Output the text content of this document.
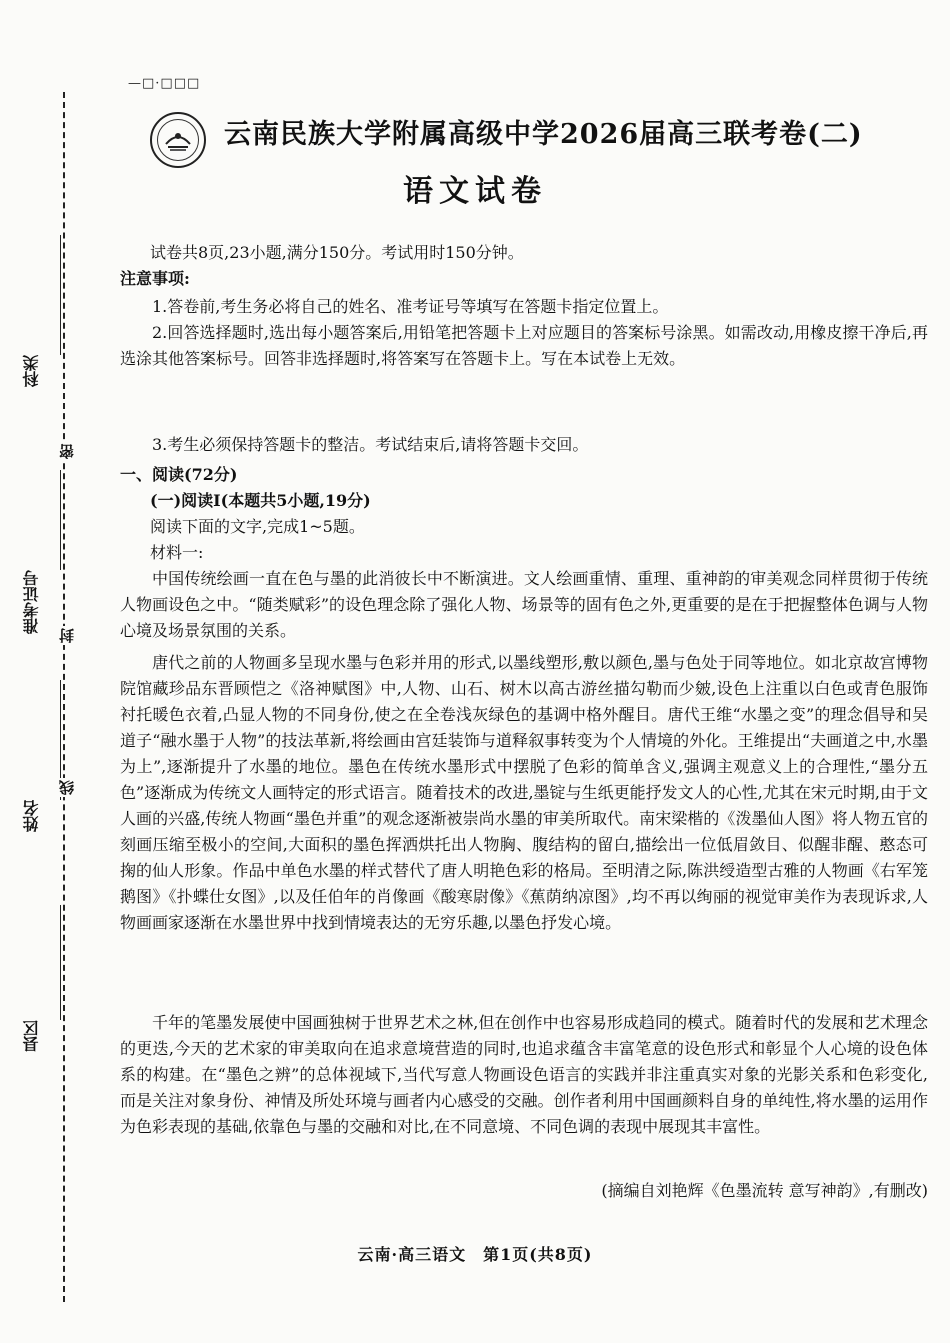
—□·□□□
科类
准考证号
姓名
县区
密
封
线
云南民族大学附属高级中学2026届高三联考卷(二)
语文试卷
试卷共8页,23小题,满分150分。考试用时150分钟。
注意事项:
1.答卷前,考生务必将自己的姓名、准考证号等填写在答题卡指定位置上。
2.回答选择题时,选出每小题答案后,用铅笔把答题卡上对应题目的答案标号涂黑。如需改动,用橡皮擦干净后,再选涂其他答案标号。回答非选择题时,将答案写在答题卡上。写在本试卷上无效。
3.考生必须保持答题卡的整洁。考试结束后,请将答题卡交回。
一、阅读(72分)
(一)阅读Ⅰ(本题共5小题,19分)
阅读下面的文字,完成1~5题。
材料一:
中国传统绘画一直在色与墨的此消彼长中不断演进。文人绘画重情、重理、重神韵的审美观念同样贯彻于传统人物画设色之中。“随类赋彩”的设色理念除了强化人物、场景等的固有色之外,更重要的是在于把握整体色调与人物心境及场景氛围的关系。
唐代之前的人物画多呈现水墨与色彩并用的形式,以墨线塑形,敷以颜色,墨与色处于同等地位。如北京故宫博物院馆藏珍品东晋顾恺之《洛神赋图》中,人物、山石、树木以高古游丝描勾勒而少皴,设色上注重以白色或青色服饰衬托暖色衣着,凸显人物的不同身份,使之在全卷浅灰绿色的基调中格外醒目。唐代王维“水墨之变”的理念倡导和吴道子“融水墨于人物”的技法革新,将绘画由宫廷装饰与道释叙事转变为个人情境的外化。王维提出“夫画道之中,水墨为上”,逐渐提升了水墨的地位。墨色在传统水墨形式中摆脱了色彩的简单含义,强调主观意义上的合理性,“墨分五色”逐渐成为传统文人画特定的形式语言。随着技术的改进,墨锭与生纸更能抒发文人的心性,尤其在宋元时期,由于文人画的兴盛,传统人物画“墨色并重”的观念逐渐被崇尚水墨的审美所取代。南宋梁楷的《泼墨仙人图》将人物五官的刻画压缩至极小的空间,大面积的墨色挥洒烘托出人物胸、腹结构的留白,描绘出一位低眉敛目、似醒非醒、憨态可掬的仙人形象。作品中单色水墨的样式替代了唐人明艳色彩的格局。至明清之际,陈洪绶造型古雅的人物画《右军笼鹅图》《扑蝶仕女图》,以及任伯年的肖像画《酸寒尉像》《蕉荫纳凉图》,均不再以绚丽的视觉审美作为表现诉求,人物画画家逐渐在水墨世界中找到情境表达的无穷乐趣,以墨色抒发心境。
千年的笔墨发展使中国画独树于世界艺术之林,但在创作中也容易形成趋同的模式。随着时代的发展和艺术理念的更迭,今天的艺术家的审美取向在追求意境营造的同时,也追求蕴含丰富笔意的设色形式和彰显个人心境的设色体系的构建。在“墨色之辨”的总体视域下,当代写意人物画设色语言的实践并非注重真实对象的光影关系和色彩变化,而是关注对象身份、神情及所处环境与画者内心感受的交融。创作者利用中国画颜料自身的单纯性,将水墨的运用作为色彩表现的基础,依靠色与墨的交融和对比,在不同意境、不同色调的表现中展现其丰富性。
(摘编自刘艳辉《色墨流转 意写神韵》,有删改)
云南·高三语文　第1页(共8页)
